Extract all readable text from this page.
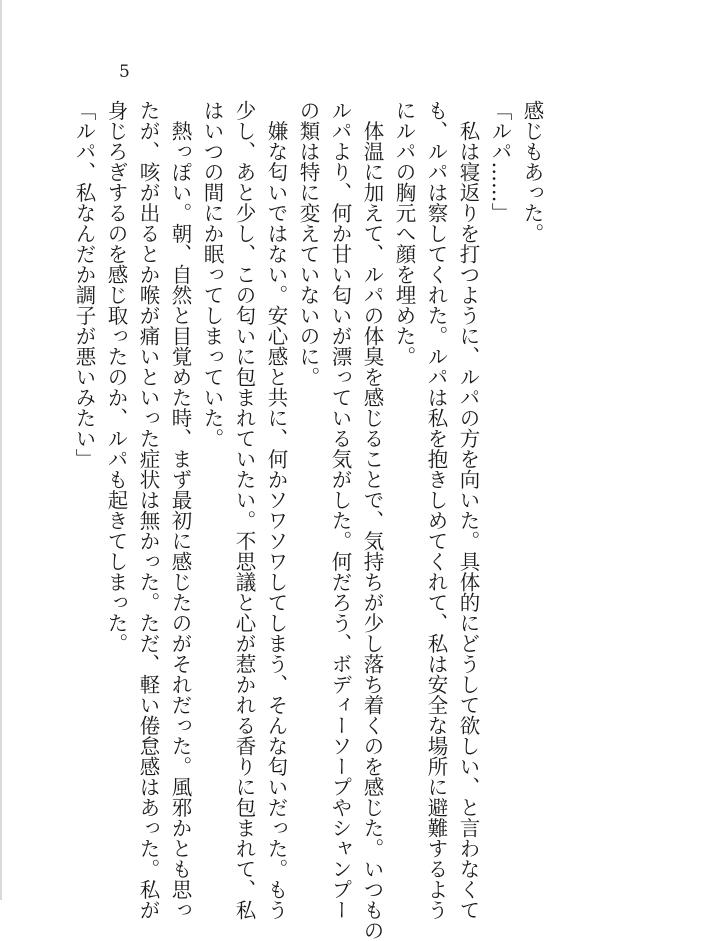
5
感じもあった。
「ルパ……」
　私は寝返りを打つように、ルパの方を向いた。具体的にどうして欲しい、と言わなくて
も、ルパは察してくれた。ルパは私を抱きしめてくれて、私は安全な場所に避難するよう
にルパの胸元へ顔を埋めた。
　体温に加えて、ルパの体臭を感じることで、気持ちが少し落ち着くのを感じた。いつもの
ルパより、何か甘い匂いが漂っている気がした。何だろう、ボディーソープやシャンプー
の類は特に変えていないのに。
　嫌な匂いではない。安心感と共に、何かソワソワしてしまう、そんな匂いだった。もう
少し、あと少し、この匂いに包まれていたい。不思議と心が惹かれる香りに包まれて、私
はいつの間にか眠ってしまっていた。
　熱っぽい。朝、自然と目覚めた時、まず最初に感じたのがそれだった。風邪かとも思っ
たが、咳が出るとか喉が痛いといった症状は無かった。ただ、軽い倦怠感はあった。私が
身じろぎするのを感じ取ったのか、ルパも起きてしまった。
「ルパ、私なんだか調子が悪いみたい」
